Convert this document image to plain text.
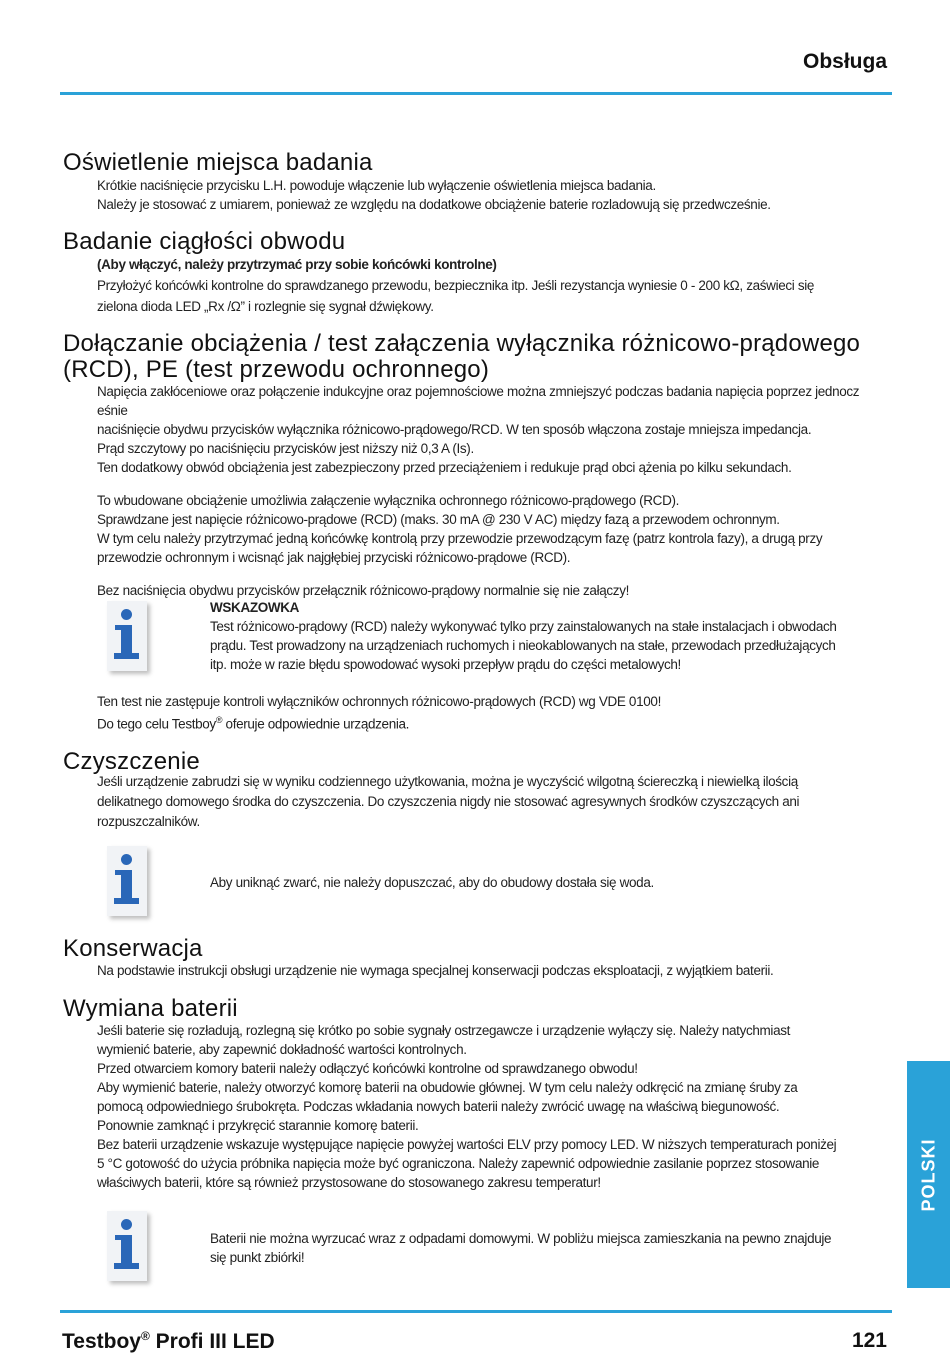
Obsługa
Oświetlenie miejsca badania

Krótkie naciśnięcie przycisku L.H. powoduje włączenie lub wyłączenie oświetlenia miejsca badania.

Należy je stosować z umiarem, ponieważ ze względu na dodatkowe obciążenie baterie rozladowują się przedwcześnie.

Badanie ciągłości obwodu

(Aby włączyć, należy przytrzymać przy sobie końcówki kontrolne)

Przyłożyć końcówki kontrolne do sprawdzanego przewodu, bezpiecznika itp. Jeśli rezystancja wyniesie 0 - 200 kΩ, zaświeci się

zielona dioda LED „Rx /Ω” i rozlegnie się sygnał dźwiękowy.

Dołączanie obciążenia / test załączenia wyłącznika różnicowo-prądowego
(RCD), PE (test przewodu ochronnego)

Napięcia zakłóceniowe oraz połączenie indukcyjne oraz pojemnościowe można zmniejszyć podczas badania napięcia poprzez jednocz eśnie

naciśnięcie obydwu przycisków wyłącznika różnicowo-prądowego/RCD. W ten sposób włączona zostaje mniejsza impedancja.

Prąd szczytowy po naciśnięciu przycisków jest niższy niż 0,3 A (Is).

Ten dodatkowy obwód obciążenia jest zabezpieczony przed przeciążeniem i redukuje prąd obci ążenia po kilku sekundach.

To wbudowane obciążenie umożliwia załączenie wyłącznika ochronnego różnicowo-prądowego (RCD).

Sprawdzane jest napięcie różnicowo-prądowe (RCD) (maks. 30 mA @ 230 V AC) między fazą a przewodem ochronnym.

W tym celu należy przytrzymać jedną końcówkę kontrolą przy przewodzie przewodzącym fazę (patrz kontrola fazy), a drugą przy

przewodzie ochronnym i wcisnąć jak najgłębiej przyciski różnicowo-prądowe (RCD).

Bez naciśnięcia obydwu przycisków przełącznik różnicowo-prądowy normalnie się nie załączy!

WSKAZOWKA

Test różnicowo-prądowy (RCD) należy wykonywać tylko przy zainstalowanych na stałe instalacjach i obwodach

prądu. Test prowadzony na urządzeniach ruchomych i nieokablowanych na stałe, przewodach przedłużających

itp. może w razie błędu spowodować wysoki przepływ prądu do części metalowych!

Ten test nie zastępuje kontroli wyłączników ochronnych różnicowo-prądowych (RCD) wg VDE 0100!

Do tego celu Testboy® oferuje odpowiednie urządzenia.

Czyszczenie

Jeśli urządzenie zabrudzi się w wyniku codziennego użytkowania, można je wyczyścić wilgotną ściereczką i niewielką ilością

delikatnego domowego środka do czyszczenia. Do czyszczenia nigdy nie stosować agresywnych środków czyszczących ani

rozpuszczalników.

Aby uniknąć zwarć, nie należy dopuszczać, aby do obudowy dostała się woda.

Konserwacja

Na podstawie instrukcji obsługi urządzenie nie wymaga specjalnej konserwacji podczas eksploatacji, z wyjątkiem baterii.

Wymiana baterii

Jeśli baterie się rozładują, rozlegną się krótko po sobie sygnały ostrzegawcze i urządzenie wyłączy się. Należy natychmiast

wymienić baterie, aby zapewnić dokładność wartości kontrolnych.

Przed otwarciem komory baterii należy odłączyć końcówki kontrolne od sprawdzanego obwodu!

Aby wymienić baterie, należy otworzyć komorę baterii na obudowie głównej. W tym celu należy odkręcić na zmianę śruby za

pomocą odpowiedniego śrubokręta. Podczas wkładania nowych baterii należy zwrócić uwagę na właściwą biegunowość.

Ponownie zamknąć i przykręcić starannie komorę baterii.

Bez baterii urządzenie wskazuje występujące napięcie powyżej wartości ELV przy pomocy LED. W niższych temperaturach poniżej

5 °C gotowość do użycia próbnika napięcia może być ograniczona. Należy zapewnić odpowiednie zasilanie poprzez stosowanie

właściwych baterii, które są również przystosowane do stosowanego zakresu temperatur!

Baterii nie można wyrzucać wraz z odpadami domowymi. W pobliżu miejsca zamieszkania na pewno znajduje

się punkt zbiórki!

POLSKI
Testboy® Profi III LED	121
